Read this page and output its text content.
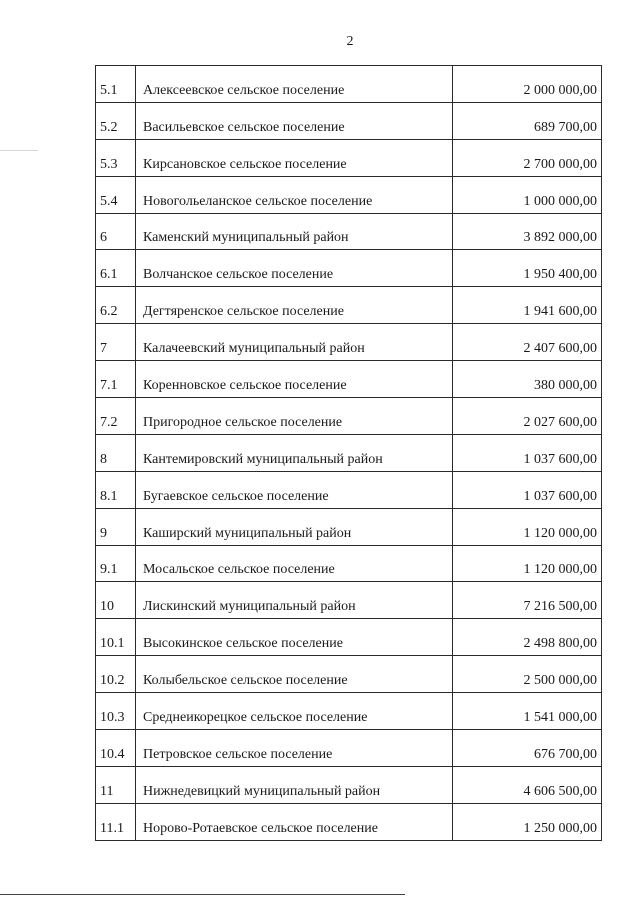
2
5.1	Алексеевское сельское поселение	2 000 000,00
5.2	Васильевское сельское поселение	689 700,00
5.3	Кирсановское сельское поселение	2 700 000,00
5.4	Новогольеланское сельское поселение	1 000 000,00
6	Каменский муниципальный район	3 892 000,00
6.1	Волчанское сельское поселение	1 950 400,00
6.2	Дегтяренское сельское поселение	1 941 600,00
7	Калачеевский муниципальный район	2 407 600,00
7.1	Коренновское сельское поселение	380 000,00
7.2	Пригородное сельское поселение	2 027 600,00
8	Кантемировский муниципальный район	1 037 600,00
8.1	Бугаевское сельское поселение	1 037 600,00
9	Каширский муниципальный район	1 120 000,00
9.1	Мосальское сельское поселение	1 120 000,00
10	Лискинский муниципальный район	7 216 500,00
10.1	Высокинское сельское поселение	2 498 800,00
10.2	Колыбельское сельское поселение	2 500 000,00
10.3	Среднеикорецкое сельское поселение	1 541 000,00
10.4	Петровское сельское поселение	676 700,00
11	Нижнедевицкий муниципальный район	4 606 500,00
11.1	Норово-Ротаевское сельское поселение	1 250 000,00
